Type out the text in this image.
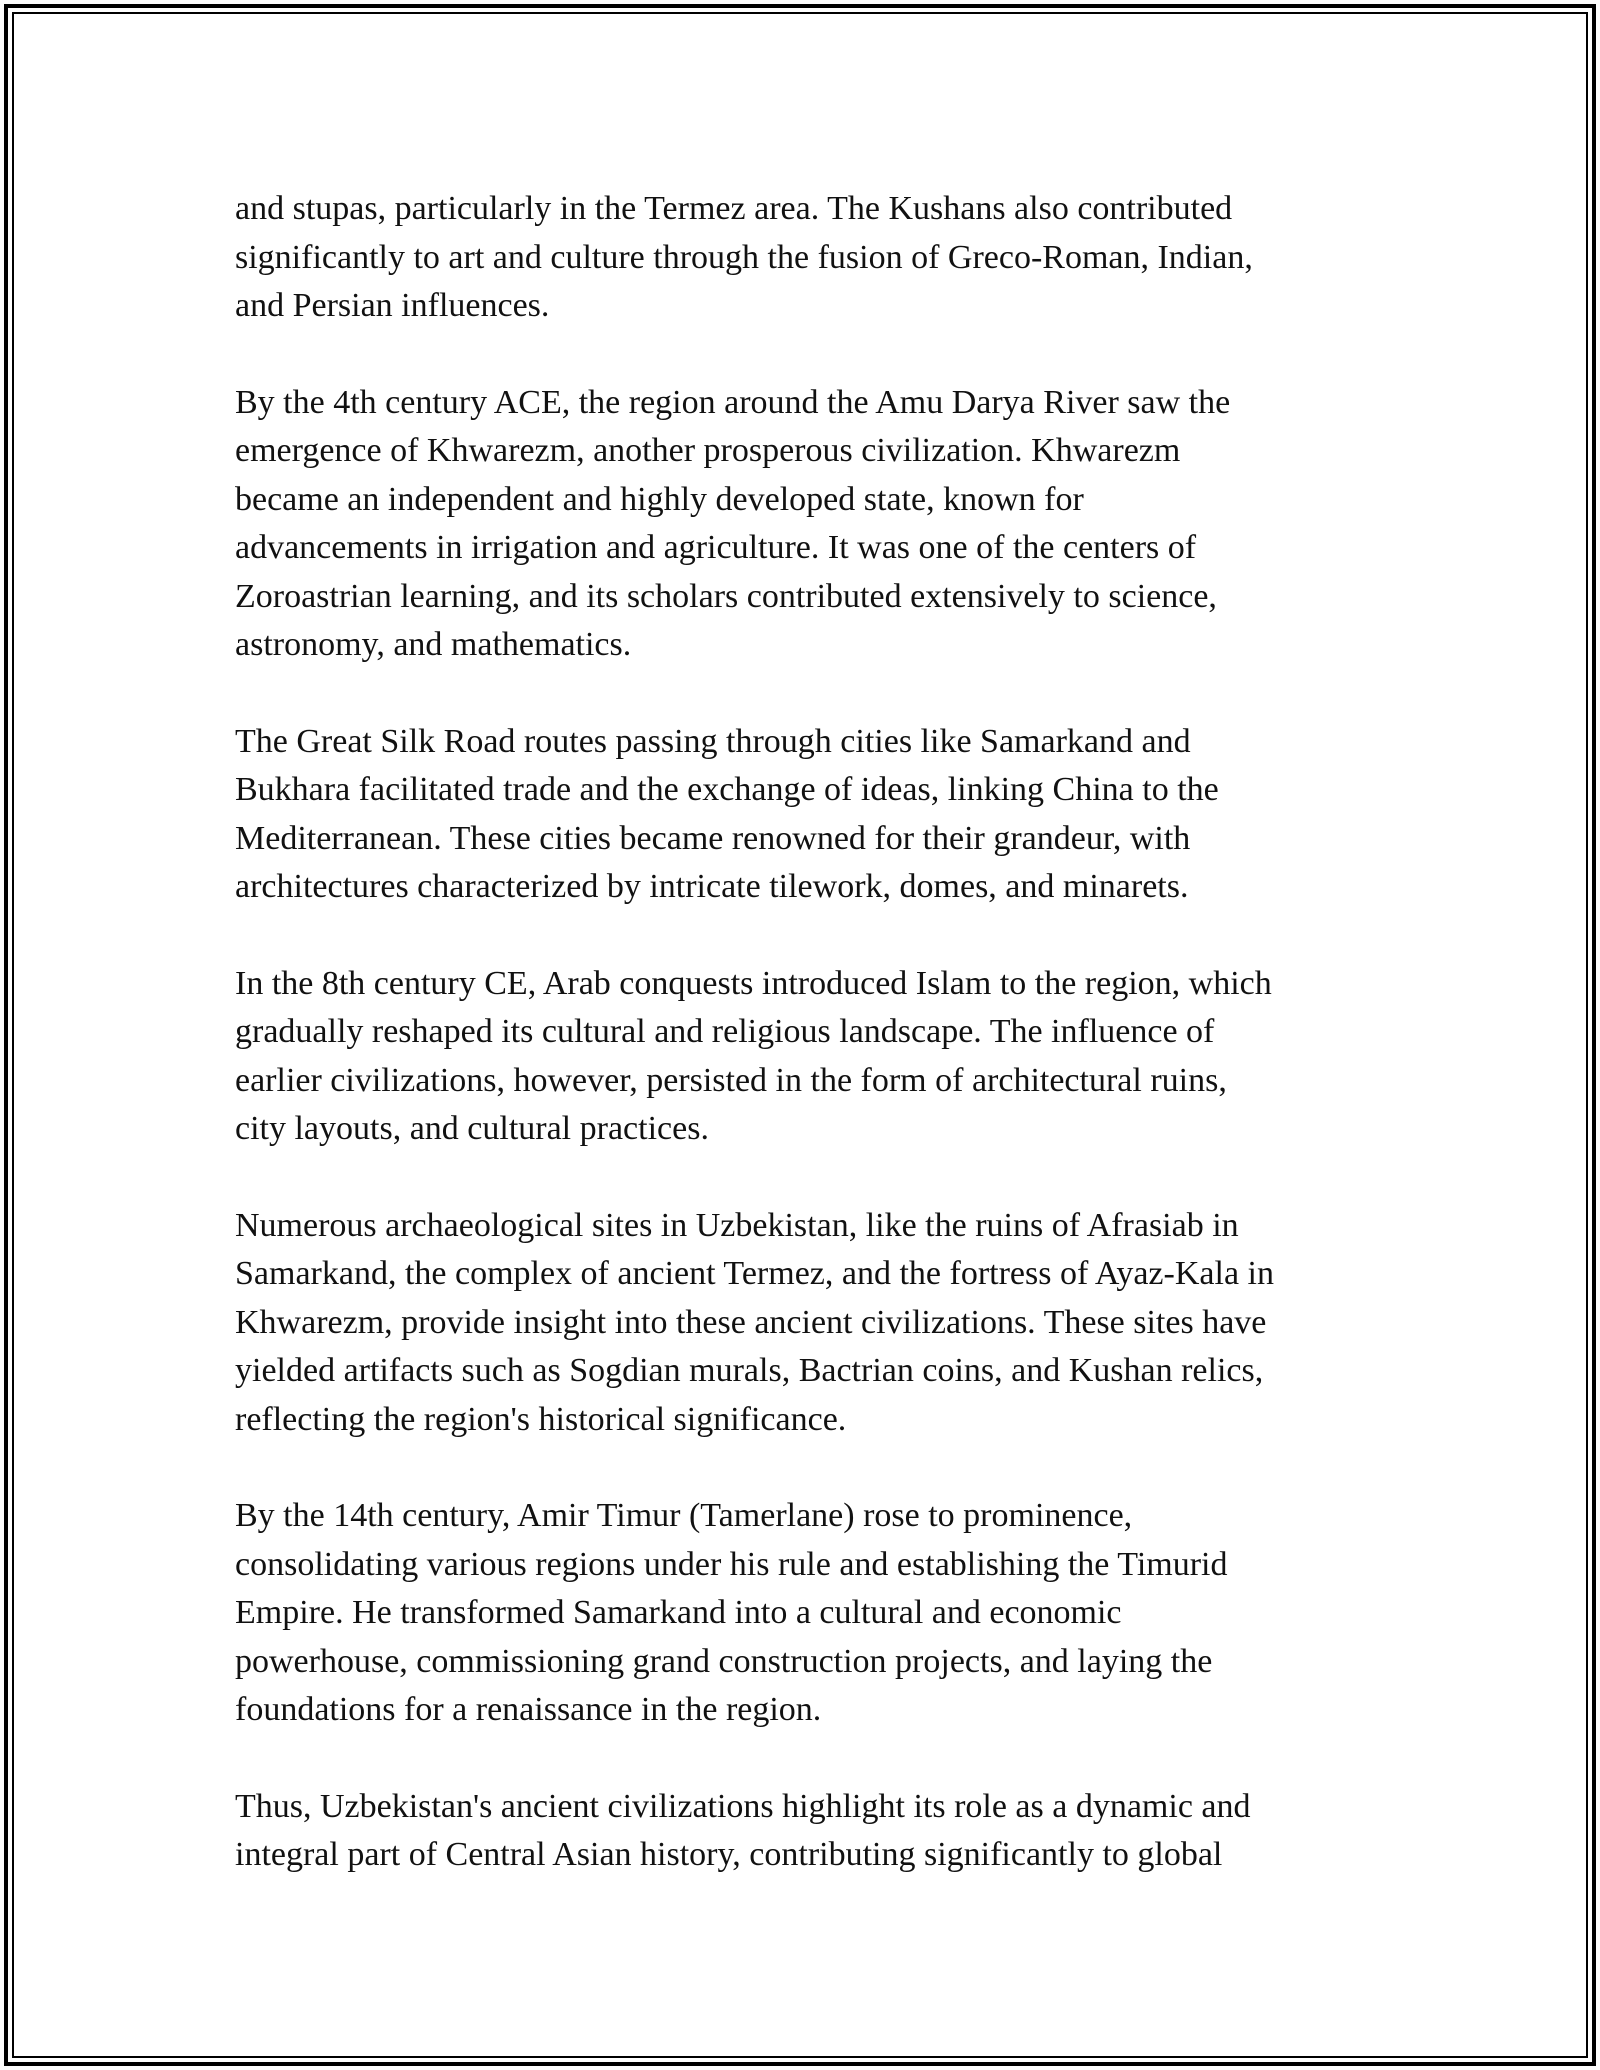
and stupas, particularly in the Termez area. The Kushans also contributed
significantly to art and culture through the fusion of Greco-Roman, Indian,
and Persian influences.

By the 4th century ACE, the region around the Amu Darya River saw the
emergence of Khwarezm, another prosperous civilization. Khwarezm
became an independent and highly developed state, known for
advancements in irrigation and agriculture. It was one of the centers of
Zoroastrian learning, and its scholars contributed extensively to science,
astronomy, and mathematics.

The Great Silk Road routes passing through cities like Samarkand and
Bukhara facilitated trade and the exchange of ideas, linking China to the
Mediterranean. These cities became renowned for their grandeur, with
architectures characterized by intricate tilework, domes, and minarets.

In the 8th century CE, Arab conquests introduced Islam to the region, which
gradually reshaped its cultural and religious landscape. The influence of
earlier civilizations, however, persisted in the form of architectural ruins,
city layouts, and cultural practices.

Numerous archaeological sites in Uzbekistan, like the ruins of Afrasiab in
Samarkand, the complex of ancient Termez, and the fortress of Ayaz-Kala in
Khwarezm, provide insight into these ancient civilizations. These sites have
yielded artifacts such as Sogdian murals, Bactrian coins, and Kushan relics,
reflecting the region's historical significance.

By the 14th century, Amir Timur (Tamerlane) rose to prominence,
consolidating various regions under his rule and establishing the Timurid
Empire. He transformed Samarkand into a cultural and economic
powerhouse, commissioning grand construction projects, and laying the
foundations for a renaissance in the region.

Thus, Uzbekistan's ancient civilizations highlight its role as a dynamic and
integral part of Central Asian history, contributing significantly to global
